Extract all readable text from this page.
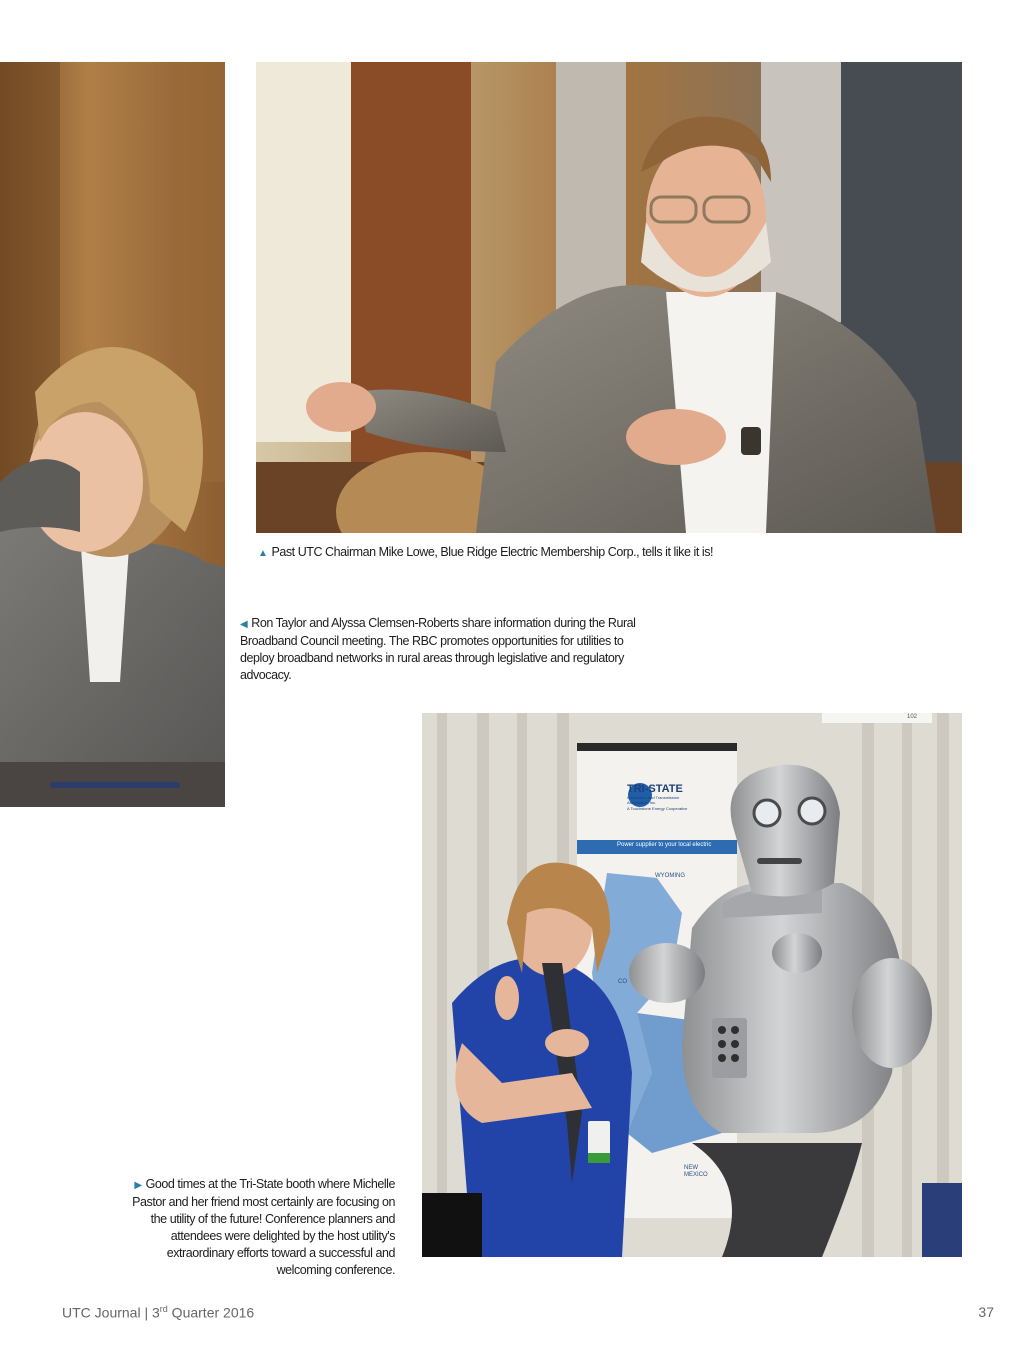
TRI-STATE
Generation and Transmission
Association, Inc.
A Touchstone Energy Cooperative
Power supplier to your local electric
WYOMING
CO
NEW MEXICO
102
▲ Past UTC Chairman Mike Lowe, Blue Ridge Electric Membership Corp., tells it like it is!
◀ Ron Taylor and Alyssa Clemsen-Roberts share information during the Rural Broadband Council meeting. The RBC promotes opportunities for utilities to deploy broadband networks in rural areas through legislative and regulatory advocacy.
▶ Good times at the Tri-State booth where Michelle Pastor and her friend most certainly are focusing on the utility of the future! Conference planners and attendees were delighted by the host utility's extraordinary efforts toward a successful and welcoming conference.
UTC Journal | 3rd Quarter 2016	37
